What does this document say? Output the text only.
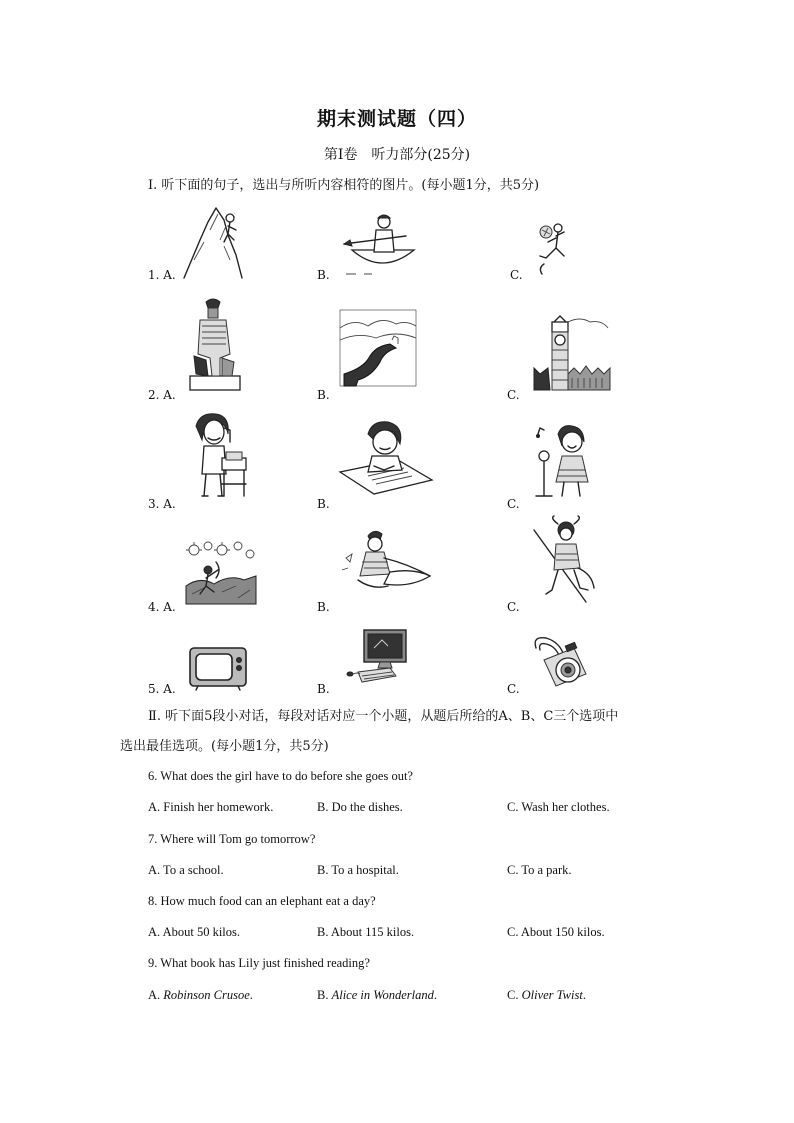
期末测试题（四）
第Ⅰ卷　听力部分(25分)
Ⅰ. 听下面的句子，选出与所听内容相符的图片。(每小题1分，共5分)
1. A.	B.	C.
2. A.	B.	C.
3. A.	B.	C.
4. A.	B.	C.
5. A.	B.	C.
Ⅱ. 听下面5段小对话，每段对话对应一个小题，从题后所给的A、B、C三个选项中
选出最佳选项。(每小题1分，共5分)
6. What does the girl have to do before she goes out?
A. Finish her homework.	B. Do the dishes.	C. Wash her clothes.
7. Where will Tom go tomorrow?
A. To a school.	B. To a hospital.	C. To a park.
8. How much food can an elephant eat a day?
A. About 50 kilos.	B. About 115 kilos.	C. About 150 kilos.
9. What book has Lily just finished reading?
A. Robinson Crusoe.	B. Alice in Wonderland.	C. Oliver Twist.
